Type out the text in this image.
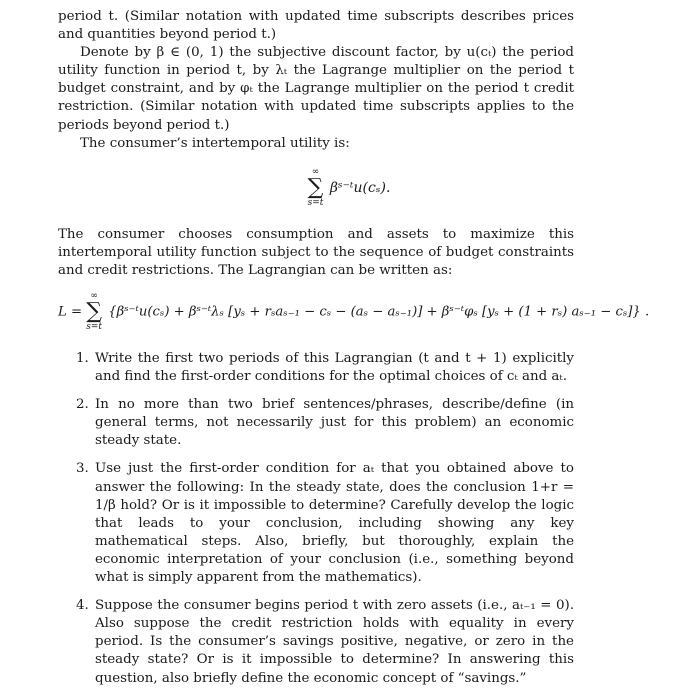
period t. (Similar notation with updated time subscripts describes prices and quantities beyond period t.)

Denote by β ∈ (0, 1) the subjective discount factor, by u(cₜ) the period utility function in period t, by λₜ the Lagrange multiplier on the period t budget constraint, and by φₜ the Lagrange multiplier on the period t credit restriction. (Similar notation with updated time subscripts applies to the periods beyond period t.)

The consumer’s intertemporal utility is:

∞
∑
s=t
βˢ⁻ᵗu(cₛ).

The consumer chooses consumption and assets to maximize this intertemporal utility function subject to the sequence of budget constraints and credit restrictions. The Lagrangian can be written as:

L =
∞
∑
s=t
{βˢ⁻ᵗu(cₛ) + βˢ⁻ᵗλₛ [yₛ + rₛaₛ₋₁ − cₛ − (aₛ − aₛ₋₁)] + βˢ⁻ᵗφₛ [yₛ + (1 + rₛ) aₛ₋₁ − cₛ]} .
1. Write the first two periods of this Lagrangian (t and t + 1) explicitly and find the first-order conditions for the optimal choices of cₜ and aₜ.
2. In no more than two brief sentences/phrases, describe/define (in general terms, not necessarily just for this problem) an economic steady state.
3. Use just the first-order condition for aₜ that you obtained above to answer the following: In the steady state, does the conclusion 1+r = 1/β hold? Or is it impossible to determine? Carefully develop the logic that leads to your conclusion, including showing any key mathematical steps. Also, briefly, but thoroughly, explain the economic interpretation of your conclusion (i.e., something beyond what is simply apparent from the mathematics).
4. Suppose the consumer begins period t with zero assets (i.e., aₜ₋₁ = 0). Also suppose the credit restriction holds with equality in every period. Is the consumer’s savings positive, negative, or zero in the steady state? Or is it impossible to determine? In answering this question, also briefly define the economic concept of “savings.”
